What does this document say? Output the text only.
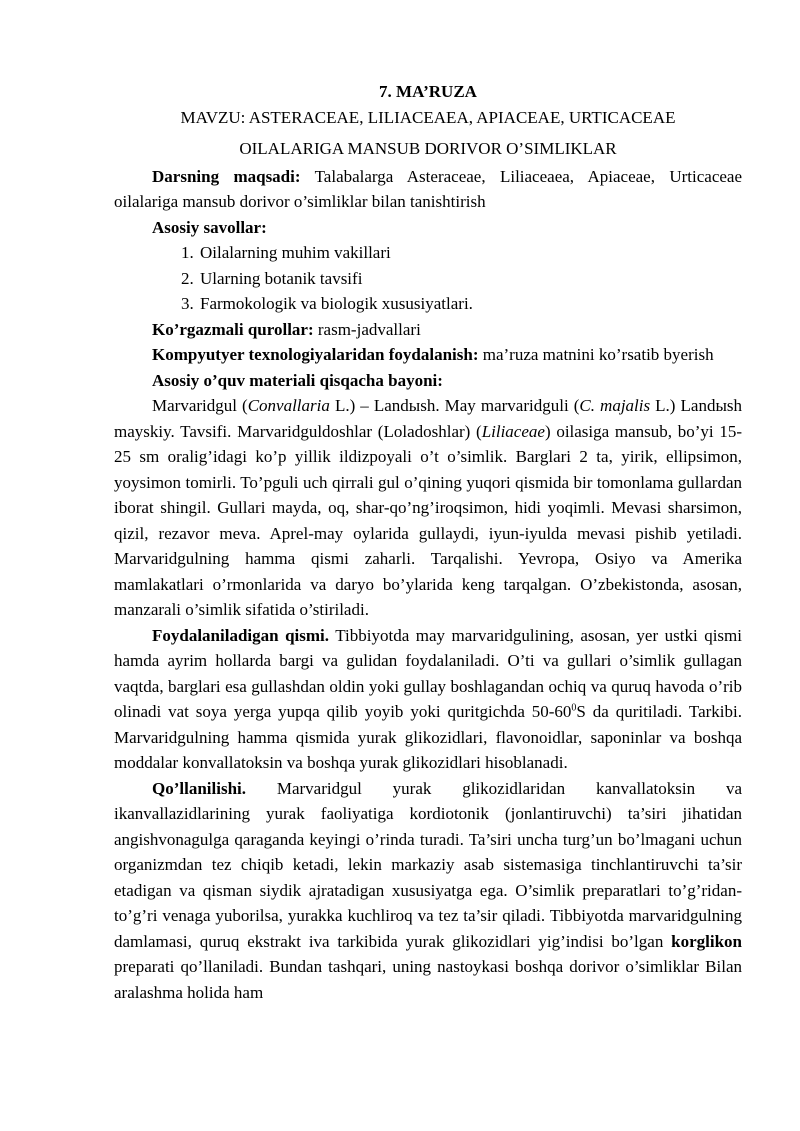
7. MA’RUZA
MAVZU: ASTERACEAE, LILIACEAEA, APIACEAE, URTICACEAE
OILALARIGA MANSUB DORIVOR O’SIMLIKLAR

Darsning maqsadi: Talabalarga Asteraceae, Liliaceaea, Apiaceae, Urticaceae oilalariga mansub dorivor o’simliklar bilan tanishtirish

Asosiy savollar:

1. Oilalarning muhim vakillari
2. Ularning botanik tavsifi
3. Farmokologik va biologik xususiyatlari.

Ko’rgazmali qurollar: rasm-jadvallari

Kompyutyer texnologiyalaridan foydalanish: ma’ruza matnini ko’rsatib byerish

Asosiy o’quv materiali qisqacha bayoni:

Marvaridgul (Convallaria L.) – Landыsh. May marvaridguli (C. majalis L.) Landыsh mayskiy. Tavsifi. Marvaridguldoshlar (Loladoshlar) (Liliaceae) oilasiga mansub, bo’yi 15-25 sm oralig’idagi ko’p yillik ildizpoyali o’t o’simlik. Barglari 2 ta, yirik, ellipsimon, yoysimon tomirli. To’pguli uch qirrali gul o’qining yuqori qismida bir tomonlama gullardan iborat shingil. Gullari mayda, oq, shar-qo’ng’iroqsimon, hidi yoqimli. Mevasi sharsimon, qizil, rezavor meva. Aprel-may oylarida gullaydi, iyun-iyulda mevasi pishib yetiladi. Marvaridgulning hamma qismi zaharli. Tarqalishi. Yevropa, Osiyo va Amerika mamlakatlari o’rmonlarida va daryo bo’ylarida keng tarqalgan. O’zbekistonda, asosan, manzarali o’simlik sifatida o’stiriladi.

Foydalaniladigan qismi. Tibbiyotda may marvaridgulining, asosan, yer ustki qismi hamda ayrim hollarda bargi va gulidan foydalaniladi. O’ti va gullari o’simlik gullagan vaqtda, barglari esa gullashdan oldin yoki gullay boshlagandan ochiq va quruq havoda o’rib olinadi vat soya yerga yupqa qilib yoyib yoki quritgichda $50-60^0S$ da quritiladi. Tarkibi. Marvaridgulning hamma qismida yurak glikozidlari, flavonoidlar, saponinlar va boshqa moddalar konvallatoksin va boshqa yurak glikozidlari hisoblanadi.

Qo’llanilishi. Marvaridgul yurak glikozidlaridan kanvallatoksin va ikanvallazidlarining yurak faoliyatiga kordiotonik (jonlantiruvchi) ta’siri jihatidan angishvonagulga qaraganda keyingi o’rinda turadi. Ta’siri uncha turg’un bo’lmagani uchun organizmdan tez chiqib ketadi, lekin markaziy asab sistemasiga tinchlantiruvchi ta’sir etadigan va qisman siydik ajratadigan xususiyatga ega. O’simlik preparatlari to’g’ridan-to’g’ri venaga yuborilsa, yurakka kuchliroq va tez ta’sir qiladi. Tibbiyotda marvaridgulning damlamasi, quruq ekstrakt iva tarkibida yurak glikozidlari yig’indisi bo’lgan korglikon preparati qo’llaniladi. Bundan tashqari, uning nastoykasi boshqa dorivor o’simliklar Bilan aralashma holida ham
